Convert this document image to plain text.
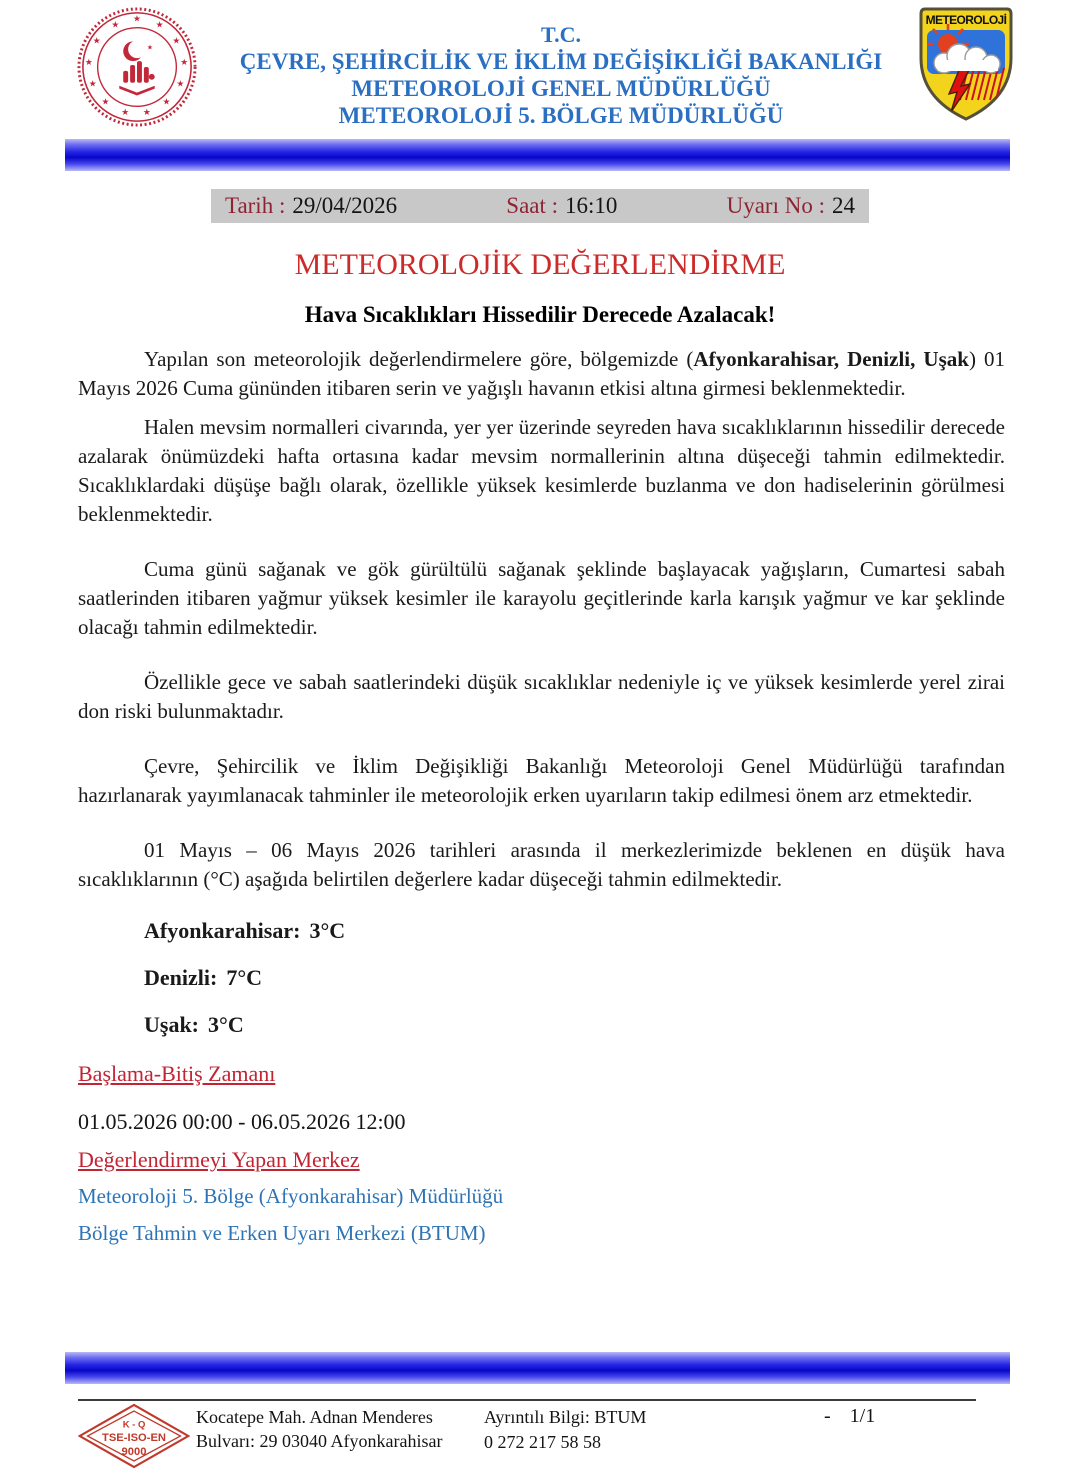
★
★
★
★
★
★
★
★
★
★
★
★
★
★
T.C.
ÇEVRE, ŞEHİRCİLİK VE İKLİM DEĞİŞİKLİĞİ BAKANLIĞI
METEOROLOJİ GENEL MÜDÜRLÜĞÜ
METEOROLOJİ 5. BÖLGE MÜDÜRLÜĞÜ
METEOROLOJİ
Tarih : 29/04/2026	Saat : 16:10	Uyarı No : 24
METEOROLOJİK DEĞERLENDİRME
Hava Sıcaklıkları Hissedilir Derecede Azalacak!

Yapılan son meteorolojik değerlendirmelere göre, bölgemizde (Afyonkarahisar, Denizli, Uşak) 01 Mayıs 2026 Cuma gününden itibaren serin ve yağışlı havanın etkisi altına girmesi beklenmektedir.

Halen mevsim normalleri civarında, yer yer üzerinde seyreden hava sıcaklıklarının hissedilir derecede azalarak önümüzdeki hafta ortasına kadar mevsim normallerinin altına düşeceği tahmin edilmektedir. Sıcaklıklardaki düşüşe bağlı olarak, özellikle yüksek kesimlerde buzlanma ve don hadiselerinin görülmesi beklenmektedir.

Cuma günü sağanak ve gök gürültülü sağanak şeklinde başlayacak yağışların, Cumartesi sabah saatlerinden itibaren yağmur yüksek kesimler ile karayolu geçitlerinde karla karışık yağmur ve kar şeklinde olacağı tahmin edilmektedir.

Özellikle gece ve sabah saatlerindeki düşük sıcaklıklar nedeniyle iç ve yüksek kesimlerde yerel zirai don riski bulunmaktadır.

Çevre, Şehircilik ve İklim Değişikliği Bakanlığı Meteoroloji Genel Müdürlüğü tarafından hazırlanarak yayımlanacak tahminler ile meteorolojik erken uyarıların takip edilmesi önem arz etmektedir.

01 Mayıs – 06 Mayıs 2026 tarihleri arasında il merkezlerimizde beklenen en düşük hava sıcaklıklarının (°C) aşağıda belirtilen değerlere kadar düşeceği tahmin edilmektedir.

Afyonkarahisar: 3°C
Denizli: 7°C
Uşak: 3°C
Başlama-Bitiş Zamanı
01.05.2026 00:00 - 06.05.2026 12:00
Değerlendirmeyi Yapan Merkez
Meteoroloji 5. Bölge (Afyonkarahisar) Müdürlüğü
Bölge Tahmin ve Erken Uyarı Merkezi (BTUM)
K - Q
TSE-ISO-EN
9000
Kocatepe Mah. Adnan Menderes
Bulvarı: 29 03040 Afyonkarahisar
Ayrıntılı Bilgi: BTUM
0 272 217 58 58
- 1/1
